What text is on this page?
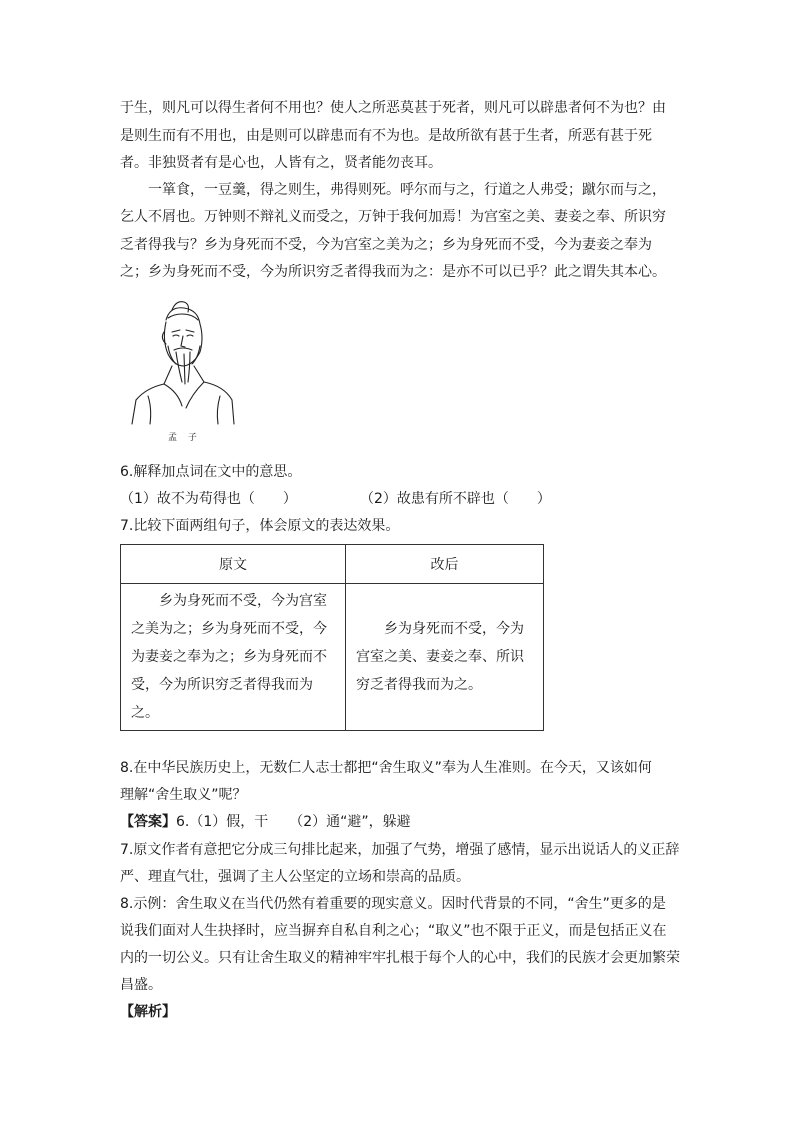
于生，则凡可以得生者何不用也？使人之所恶莫甚于死者，则凡可以辟患者何不为也？由
是则生而有不用也，由是则可以辟患而有不为也。是故所欲有甚于生者，所恶有甚于死
者。非独贤者有是心也，人皆有之，贤者能勿丧耳。
　　一箪食，一豆羹，得之则生，弗得则死。呼尔而与之，行道之人弗受；蹴尔而与之，
乞人不屑也。万钟则不辩礼义而受之，万钟于我何加焉！为宫室之美、妻妾之奉、所识穷
乏者得我与？乡为身死而不受，今为宫室之美为之；乡为身死而不受，今为妻妾之奉为
之；乡为身死而不受，今为所识穷乏者得我而为之：是亦不可以已乎？此之谓失其本心。
孟 子
6.解释加点词在文中的意思。
（1）故不为苟得也（　　）	（2）故患有所不辟也（　　）
7.比较下面两组句子，体会原文的表达效果。
原文	改后

乡为身死而不受，今为宫室之美为之；乡为身死而不受，今为妻妾之奉为之；乡为身死而不受，今为所识穷乏者得我而为之。	乡为身死而不受，今为宫室之美、妻妾之奉、所识穷乏者得我而为之。
8.在中华民族历史上，无数仁人志士都把“舍生取义”奉为人生准则。在今天，又该如何
理解“舍生取义”呢？
【答案】6.（1）假，干　　（2）通“避”，躲避
7.原文作者有意把它分成三句排比起来，加强了气势，增强了感情，显示出说话人的义正辞
严、理直气壮，强调了主人公坚定的立场和崇高的品质。
8.示例：舍生取义在当代仍然有着重要的现实意义。因时代背景的不同，“舍生”更多的是
说我们面对人生抉择时，应当摒弃自私自利之心；“取义”也不限于正义，而是包括正义在
内的一切公义。只有让舍生取义的精神牢牢扎根于每个人的心中，我们的民族才会更加繁荣
昌盛。
【解析】
